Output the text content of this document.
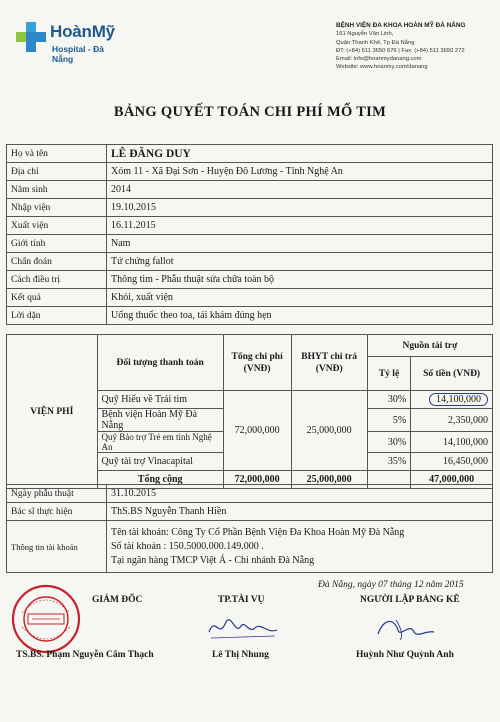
HoànMỹ
Hospital - Đà Nẵng
BỆNH VIỆN ĐA KHOA HOÀN MỸ ĐÀ NẴNG
161 Nguyễn Văn Linh,
Quận Thanh Khê, Tp Đà Nẵng
ĐT: (+84) 511 3650 676 | Fax: (+84) 511 3650 272
Email: info@hoanmydanang.com
Website: www.hoanmy.com/danang
BẢNG QUYẾT TOÁN CHI PHÍ MỔ TIM
Họ và tên	LÊ ĐĂNG DUY
Địa chỉ	Xóm 11 - Xã Đại Sơn - Huyện Đô Lương - Tỉnh Nghệ An
Năm sinh	2014
Nhập viện	19.10.2015
Xuất viện	16.11.2015
Giới tính	Nam
Chẩn đoán	Tứ chứng fallot
Cách điều trị	Thông tim - Phẫu thuật sửa chữa toàn bộ
Kết quả	Khỏi, xuất viện
Lời dặn	Uống thuốc theo toa, tái khám đúng hẹn
VIỆN PHÍ	Đối tượng thanh toán	Tổng chi phí (VNĐ)	BHYT chi trả (VNĐ)	Nguồn tài trợ	
				Tỷ lệ	Số tiền (VNĐ)
	Quỹ Hiếu về Trái tim	72,000,000	25,000,000	30%	14,100,000
	Bệnh viện Hoàn Mỹ Đà Nẵng			5%	2,350,000
	Quỹ Bảo trợ Trẻ em tỉnh Nghệ An			30%	14,100,000
	Quỹ tài trợ Vinacapital			35%	16,450,000
	Tổng cộng	72,000,000	25,000,000		47,000,000
Ngày phẫu thuật	31.10.2015
Bác sĩ thực hiện	ThS.BS Nguyễn Thanh Hiền
Thông tin tài khoản	Tên tài khoản: Công Ty Cổ Phần Bệnh Viện Đa Khoa Hoàn Mỹ Đà Nẵng
Số tài khoản : 150.5000.000.149.000 .
Tại ngân hàng TMCP Việt Á - Chi nhánh Đà Nẵng
Đà Nẵng, ngày 07 tháng 12 năm 2015
GIÁM ĐỐC	TP.TÀI VỤ	NGƯỜI LẬP BẢNG KÊ
TS.BS. Phạm Nguyễn Cẩm Thạch	Lê Thị Nhung	Huỳnh Như Quỳnh Anh
